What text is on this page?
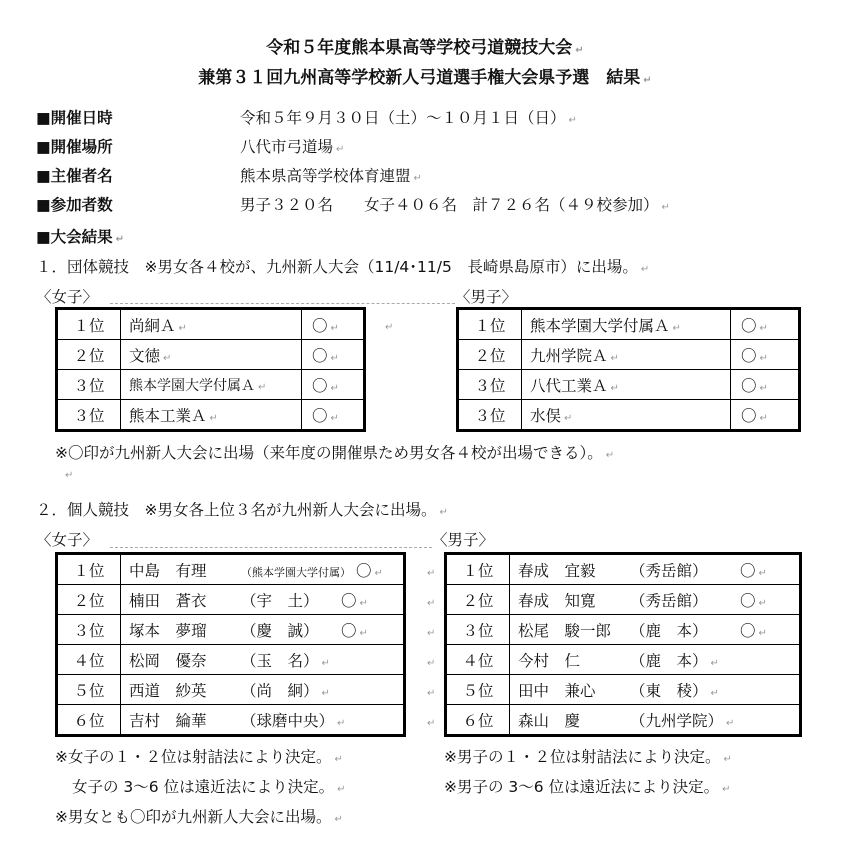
令和５年度熊本県高等学校弓道競技大会 ↵
兼第３１回九州高等学校新人弓道選手権大会県予選　結果 ↵
■開催日時	令和５年９月３０日（土）～１０月１日（日） ↵
■開催場所	八代市弓道場 ↵
■主催者名	熊本県高等学校体育連盟 ↵
■参加者数	男子３２０名　　女子４０６名　計７２６名（４９校参加） ↵
■大会結果 ↵
１．団体競技　※男女各４校が、九州新人大会（11/4･11/5　長崎県島原市）に出場。 ↵
〈女子〉	〈男子〉
１位	尚絅Ａ ↵	〇 ↵
２位	文徳 ↵	〇 ↵
３位	熊本学園大学付属Ａ ↵	〇 ↵
３位	熊本工業Ａ ↵	〇 ↵
↵	１位	熊本学園大学付属Ａ ↵	〇 ↵
２位	九州学院Ａ ↵	〇 ↵
３位	八代工業Ａ ↵	〇 ↵
３位	水俣 ↵	〇 ↵
※〇印が九州新人大会に出場（来年度の開催県ため男女各４校が出場できる）。 ↵
↵
２．個人競技　※男女各上位３名が九州新人大会に出場。 ↵
〈女子〉	〈男子〉
１位	中島　有理 （熊本学園大学付属） 〇 ↵
２位	楠田　蒼衣 （宇　土） 〇 ↵
３位	塚本　夢瑠 （慶　誠） 〇 ↵
４位	松岡　優奈 （玉　名） ↵
５位	西道　紗英 （尚　絅） ↵
６位	吉村　綸華 （球磨中央） ↵
↵
↵
↵
↵
↵
↵
１位	春成　宜毅 （秀岳館） 〇 ↵
２位	春成　知寛 （秀岳館） 〇 ↵
３位	松尾　駿一郎 （鹿　本） 〇 ↵
４位	今村　仁 （鹿　本） ↵
５位	田中　兼心 （東　稜） ↵
６位	森山　慶 （九州学院） ↵
※女子の１・２位は射詰法により決定。 ↵
女子の 3～6 位は遠近法により決定。 ↵
※男子の１・２位は射詰法により決定。 ↵
※男子の 3～6 位は遠近法により決定。 ↵
※男女とも〇印が九州新人大会に出場。 ↵
